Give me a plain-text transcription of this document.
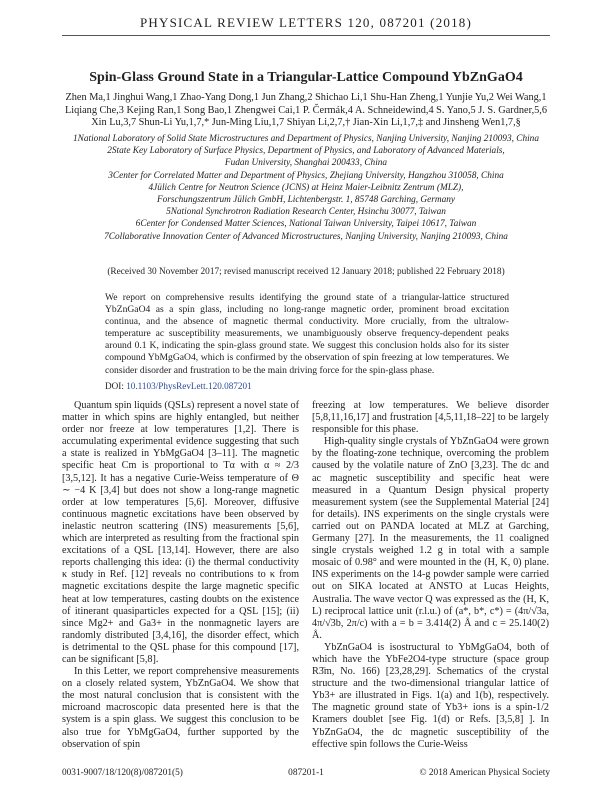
PHYSICAL REVIEW LETTERS 120, 087201 (2018)
Spin-Glass Ground State in a Triangular-Lattice Compound YbZnGaO4
Zhen Ma,1 Jinghui Wang,1 Zhao-Yang Dong,1 Jun Zhang,2 Shichao Li,1 Shu-Han Zheng,1 Yunjie Yu,2 Wei Wang,1
Liqiang Che,3 Kejing Ran,1 Song Bao,1 Zhengwei Cai,1 P. Čermák,4 A. Schneidewind,4 S. Yano,5 J. S. Gardner,5,6
Xin Lu,3,7 Shun-Li Yu,1,7,* Jun-Ming Liu,1,7 Shiyan Li,2,7,† Jian-Xin Li,1,7,‡ and Jinsheng Wen1,7,§
1National Laboratory of Solid State Microstructures and Department of Physics, Nanjing University, Nanjing 210093, China
2State Key Laboratory of Surface Physics, Department of Physics, and Laboratory of Advanced Materials,
Fudan University, Shanghai 200433, China
3Center for Correlated Matter and Department of Physics, Zhejiang University, Hangzhou 310058, China
4Jülich Centre for Neutron Science (JCNS) at Heinz Maier-Leibnitz Zentrum (MLZ),
Forschungszentrum Jülich GmbH, Lichtenbergstr. 1, 85748 Garching, Germany
5National Synchrotron Radiation Research Center, Hsinchu 30077, Taiwan
6Center for Condensed Matter Sciences, National Taiwan University, Taipei 10617, Taiwan
7Collaborative Innovation Center of Advanced Microstructures, Nanjing University, Nanjing 210093, China
(Received 30 November 2017; revised manuscript received 12 January 2018; published 22 February 2018)
We report on comprehensive results identifying the ground state of a triangular-lattice structured YbZnGaO4 as a spin glass, including no long-range magnetic order, prominent broad excitation continua, and the absence of magnetic thermal conductivity. More crucially, from the ultralow-temperature ac susceptibility measurements, we unambiguously observe frequency-dependent peaks around 0.1 K, indicating the spin-glass ground state. We suggest this conclusion holds also for its sister compound YbMgGaO4, which is confirmed by the observation of spin freezing at low temperatures. We consider disorder and frustration to be the main driving force for the spin-glass phase.
DOI: 10.1103/PhysRevLett.120.087201

Quantum spin liquids (QSLs) represent a novel state of matter in which spins are highly entangled, but neither order nor freeze at low temperatures [1,2]. There is accumulating experimental evidence suggesting that such a state is realized in YbMgGaO4 [3–11]. The magnetic specific heat Cm is proportional to Tα with α ≈ 2/3 [3,5,12]. It has a negative Curie-Weiss temperature of Θ ∼ −4 K [3,4] but does not show a long-range magnetic order at low temperatures [5,6]. Moreover, diffusive continuous magnetic excitations have been observed by inelastic neutron scattering (INS) measurements [5,6], which are interpreted as resulting from the fractional spin excitations of a QSL [13,14]. However, there are also reports challenging this idea: (i) the thermal conductivity κ study in Ref. [12] reveals no contributions to κ from magnetic excitations despite the large magnetic specific heat at low temperatures, casting doubts on the existence of itinerant quasiparticles expected for a QSL [15]; (ii) since Mg2+ and Ga3+ in the nonmagnetic layers are randomly distributed [3,4,16], the disorder effect, which is detrimental to the QSL phase for this compound [17], can be significant [5,8].

In this Letter, we report comprehensive measurements on a closely related system, YbZnGaO4. We show that the most natural conclusion that is consistent with the microand macroscopic data presented here is that the system is a spin glass. We suggest this conclusion to be also true for YbMgGaO4, further supported by the observation of spin

freezing at low temperatures. We believe disorder [5,8,11,16,17] and frustration [4,5,11,18–22] to be largely responsible for this phase.

High-quality single crystals of YbZnGaO4 were grown by the floating-zone technique, overcoming the problem caused by the volatile nature of ZnO [3,23]. The dc and ac magnetic susceptibility and specific heat were measured in a Quantum Design physical property measurement system (see the Supplemental Material [24] for details). INS experiments on the single crystals were carried out on PANDA located at MLZ at Garching, Germany [27]. In the measurements, the 11 coaligned single crystals weighed 1.2 g in total with a sample mosaic of 0.98° and were mounted in the (H, K, 0) plane. INS experiments on the 14-g powder sample were carried out on SIKA located at ANSTO at Lucas Heights, Australia. The wave vector Q was expressed as the (H, K, L) reciprocal lattice unit (r.l.u.) of (a*, b*, c*) = (4π/√3a, 4π/√3b, 2π/c) with a = b = 3.414(2) Å and c = 25.140(2) Å.

YbZnGaO4 is isostructural to YbMgGaO4, both of which have the YbFe2O4-type structure (space group R3̄m, No. 166) [23,28,29]. Schematics of the crystal structure and the two-dimensional triangular lattice of Yb3+ are illustrated in Figs. 1(a) and 1(b), respectively. The magnetic ground state of Yb3+ ions is a spin-1/2 Kramers doublet [see Fig. 1(d) or Refs. [3,5,8] ]. In YbZnGaO4, the dc magnetic susceptibility of the effective spin follows the Curie-Weiss

0031-9007/18/120(8)/087201(5)	087201-1	© 2018 American Physical Society
